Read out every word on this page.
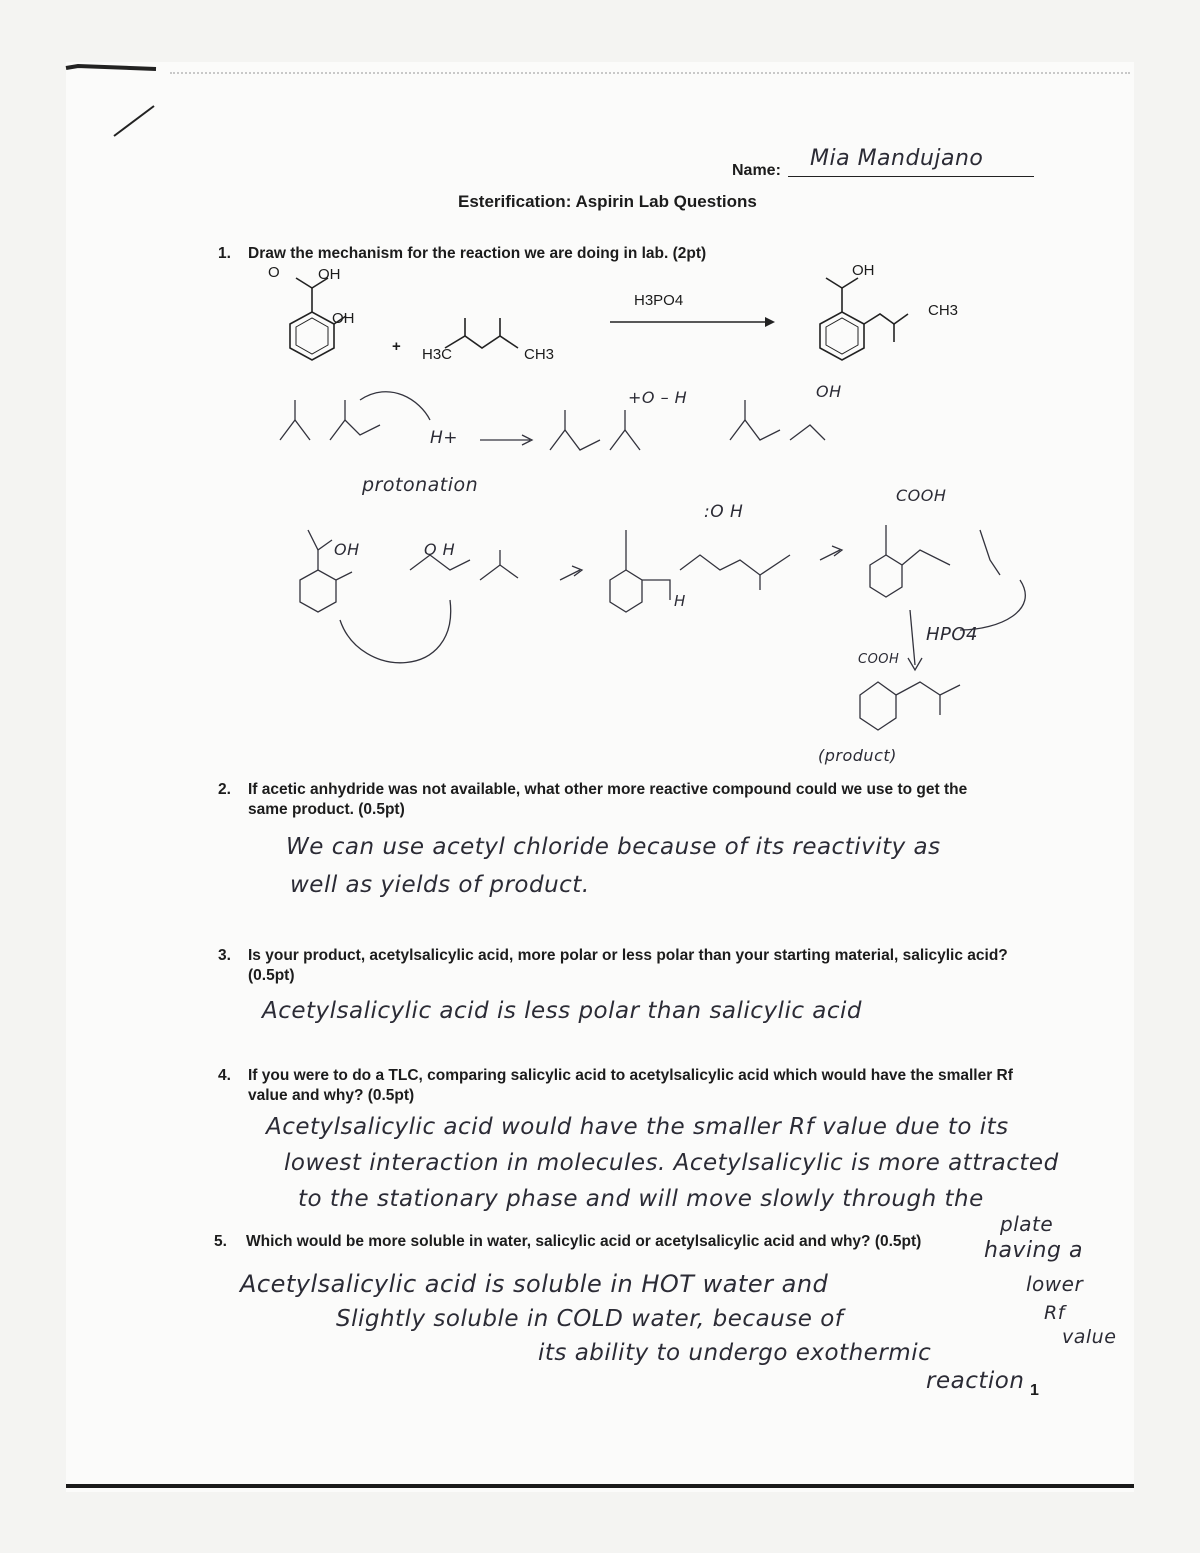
Name: Mia Mandujano
Esterification: Aspirin Lab Questions
1. Draw the mechanism for the reaction we are doing in lab. (2pt)
O	OH
OH
+ H3C	CH3
H3PO4
OH
CH3
H+
protonation
+O – H	OH
OH	O H
:O H
H
COOH
HPO4
COOH
(product)
2. If acetic anhydride was not available, what other more reactive compound could we use to get the same product. (0.5pt)
We can use acetyl chloride because of its reactivity as
well as yields of product.
3. Is your product, acetylsalicylic acid, more polar or less polar than your starting material, salicylic acid? (0.5pt)
Acetylsalicylic acid is less polar than salicylic acid
4. If you were to do a TLC, comparing salicylic acid to acetylsalicylic acid which would have the smaller Rf value and why? (0.5pt)
Acetylsalicylic acid would have the smaller Rf value due to its
lowest interaction in molecules. Acetylsalicylic is more attracted
to the stationary phase and will move slowly through the
plate
having a
lower
Rf
value
5. Which would be more soluble in water, salicylic acid or acetylsalicylic acid and why? (0.5pt)
Acetylsalicylic acid is soluble in HOT water and
Slightly soluble in COLD water, because of
its ability to undergo exothermic
reaction 1
